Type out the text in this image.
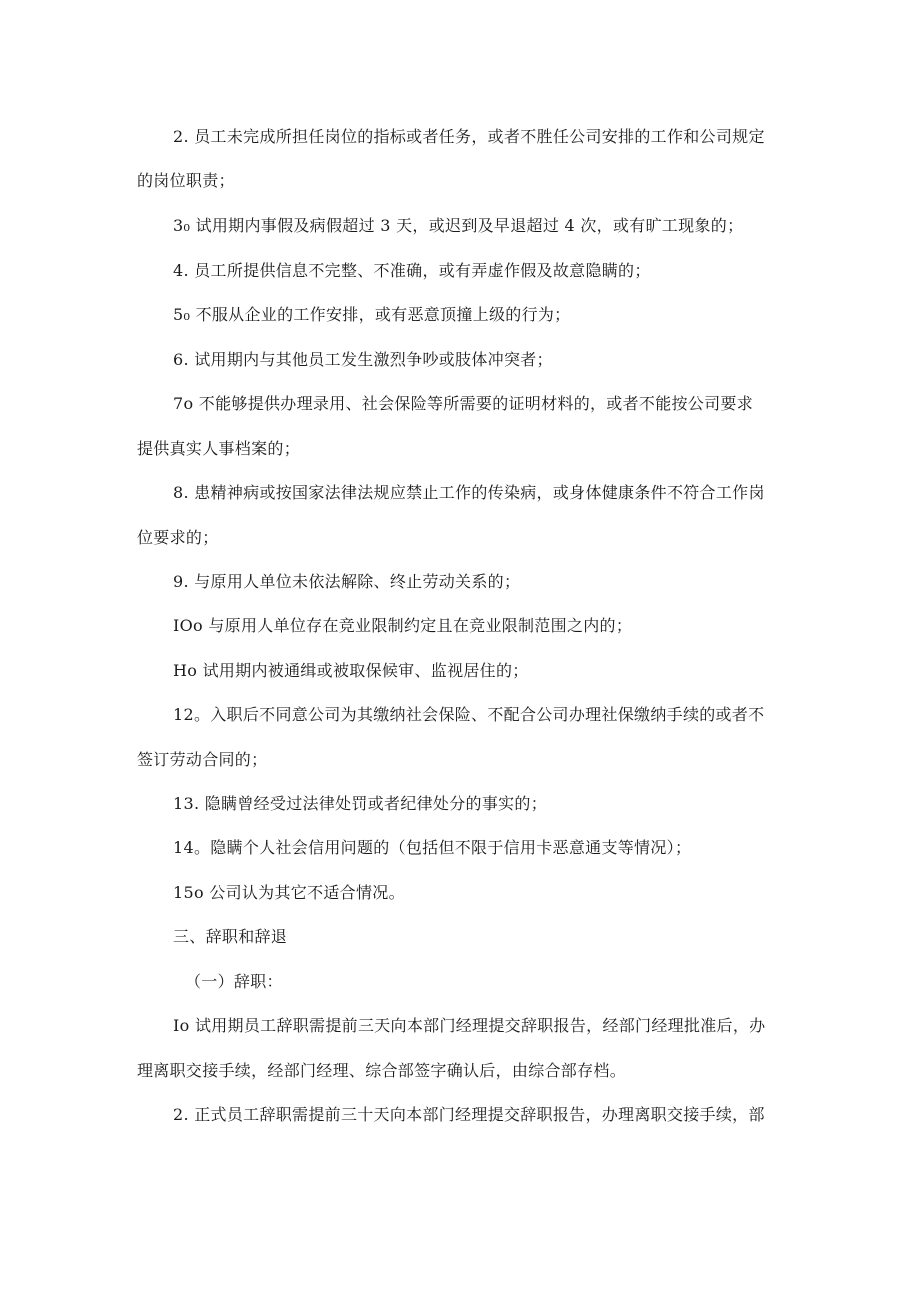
2. 员工未完成所担任岗位的指标或者任务，或者不胜任公司安排的工作和公司规定
的岗位职责；
3₀ 试用期内事假及病假超过 3 天，或迟到及早退超过 4 次，或有旷工现象的；
4. 员工所提供信息不完整、不准确，或有弄虚作假及故意隐瞒的；
5₀ 不服从企业的工作安排，或有恶意顶撞上级的行为；
6. 试用期内与其他员工发生激烈争吵或肢体冲突者；
7o 不能够提供办理录用、社会保险等所需要的证明材料的，或者不能按公司要求
提供真实人事档案的；
8. 患精神病或按国家法律法规应禁止工作的传染病，或身体健康条件不符合工作岗
位要求的；
9. 与原用人单位未依法解除、终止劳动关系的；
IOo 与原用人单位存在竞业限制约定且在竞业限制范围之内的；
Ho 试用期内被通缉或被取保候审、监视居住的；
12。入职后不同意公司为其缴纳社会保险、不配合公司办理社保缴纳手续的或者不
签订劳动合同的；
13. 隐瞒曾经受过法律处罚或者纪律处分的事实的；
14。隐瞒个人社会信用问题的（包括但不限于信用卡恶意通支等情况）；
15o 公司认为其它不适合情况。
三、辞职和辞退
（一）辞职：
Io 试用期员工辞职需提前三天向本部门经理提交辞职报告，经部门经理批准后，办
理离职交接手续，经部门经理、综合部签字确认后，由综合部存档。
2. 正式员工辞职需提前三十天向本部门经理提交辞职报告，办理离职交接手续，部
